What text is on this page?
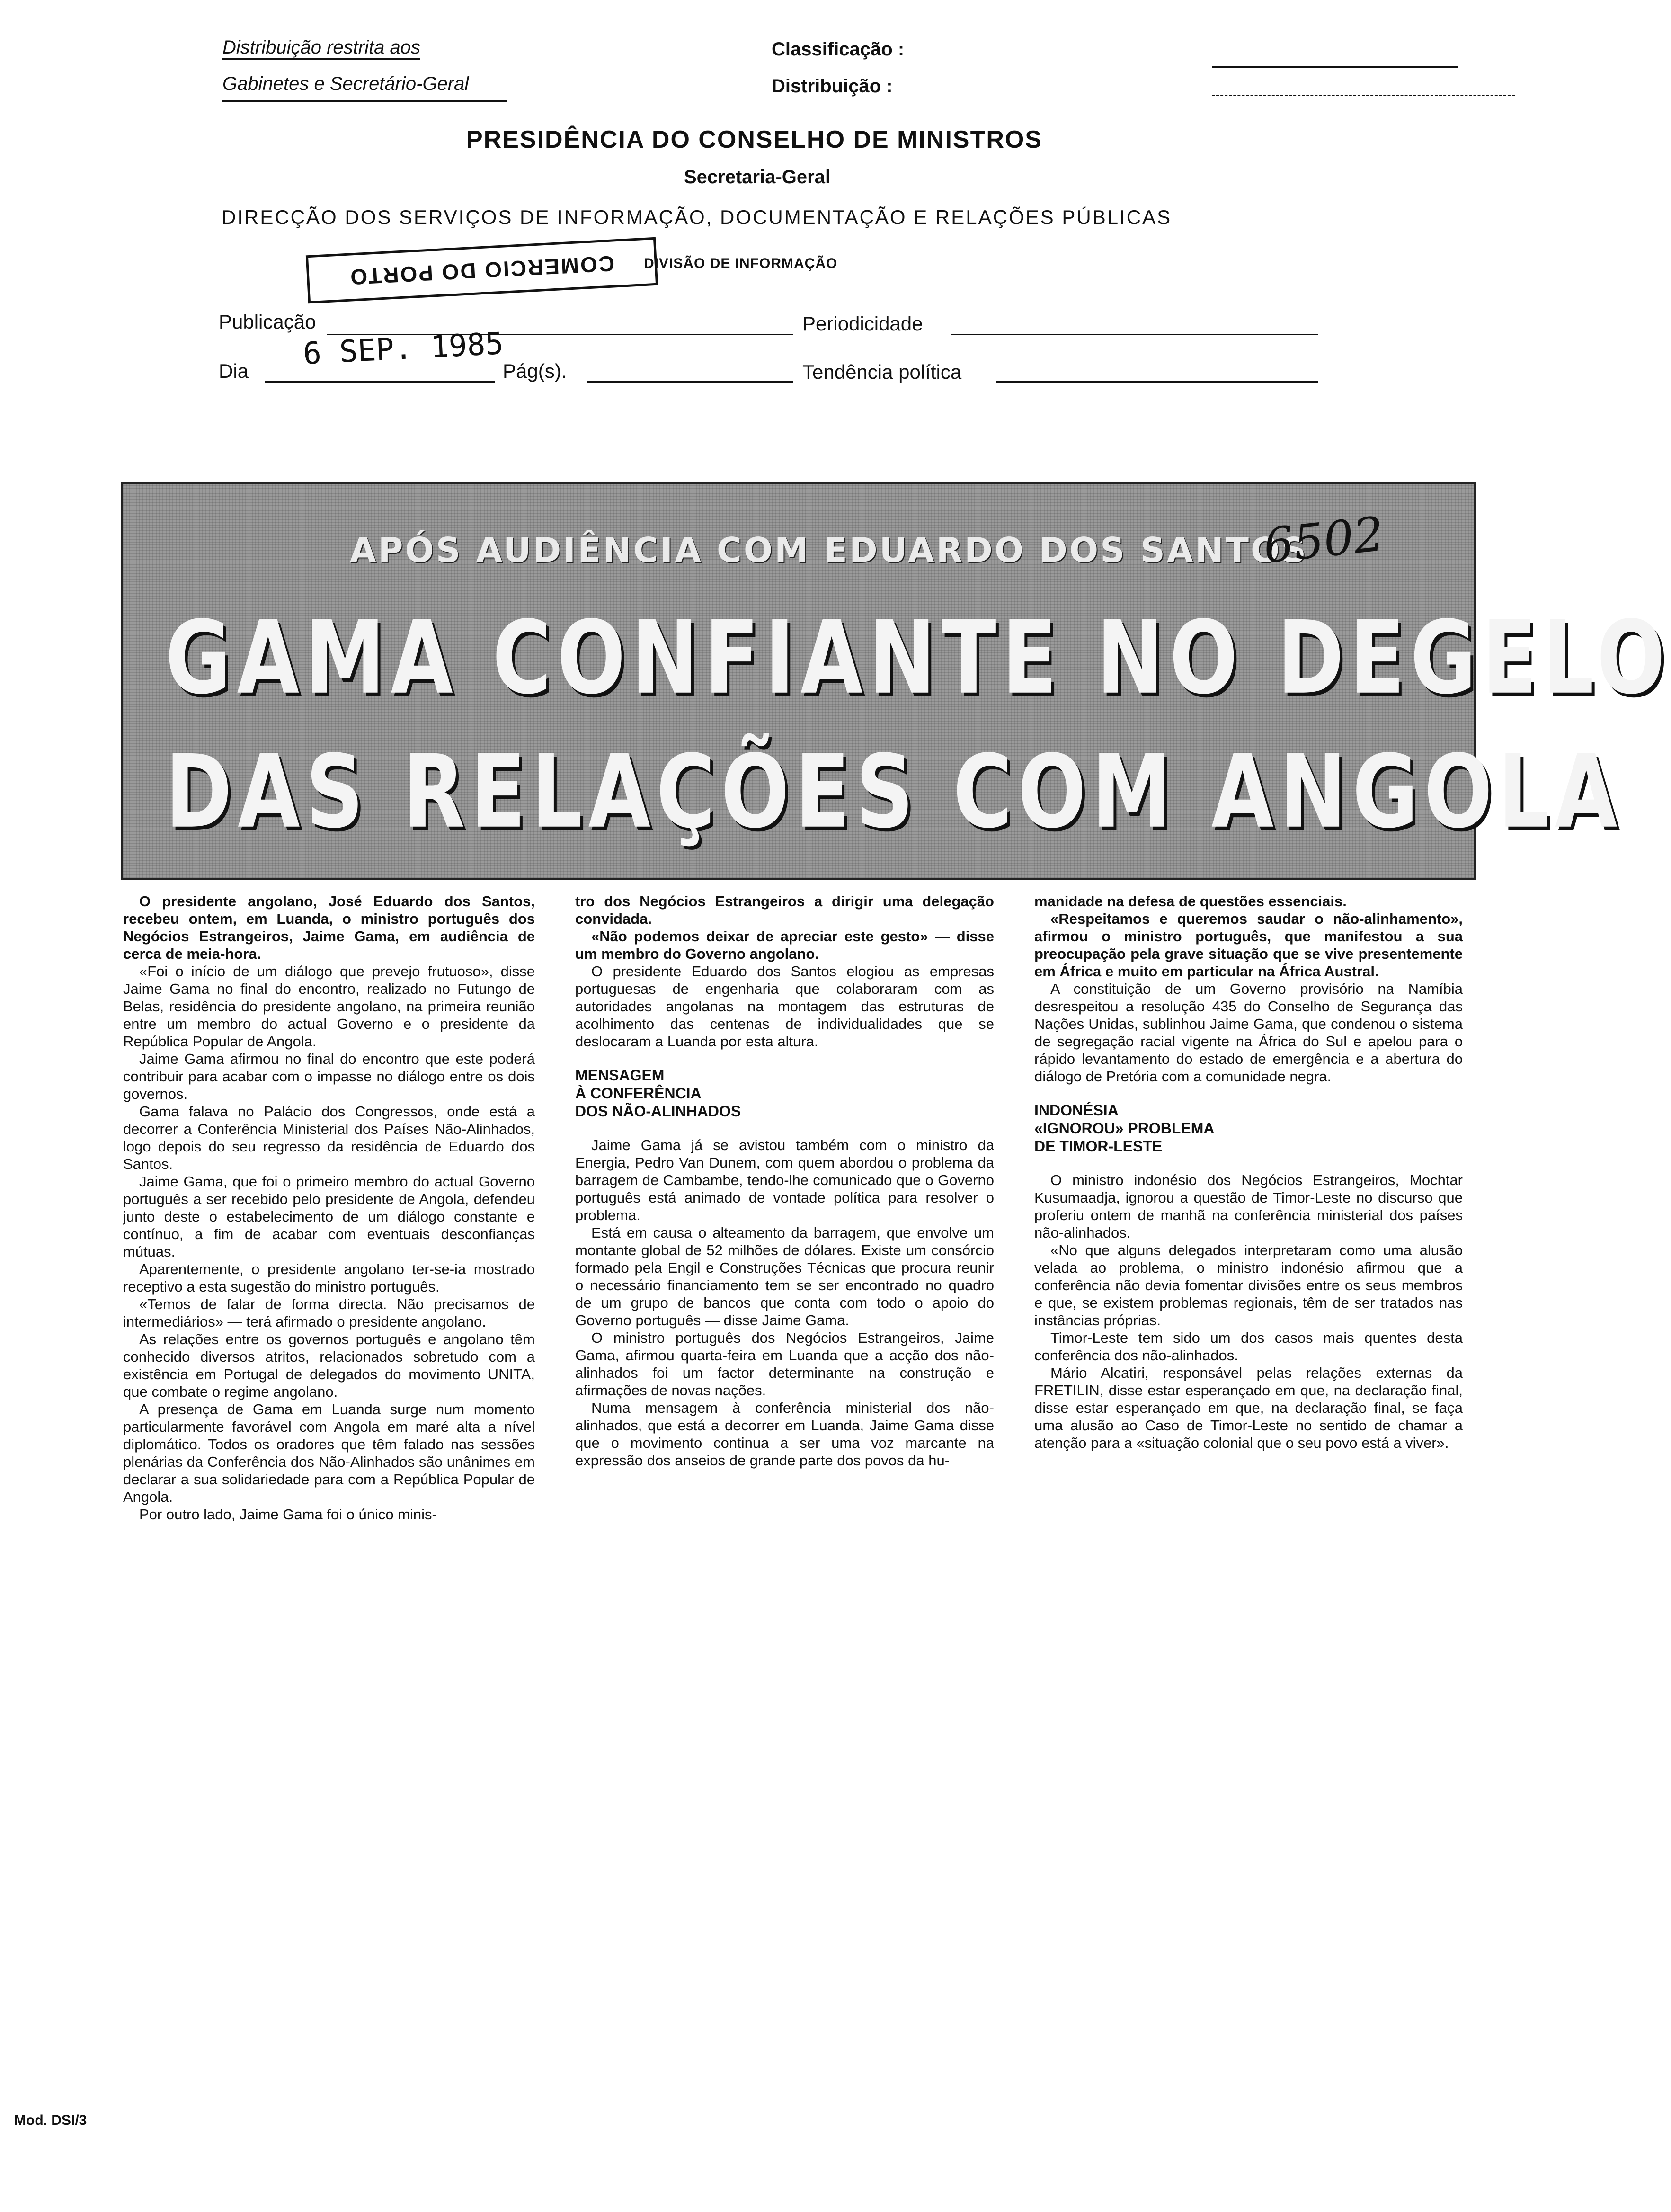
Distribuição restrita aos
Gabinetes e Secretário-Geral
Classificação :
Distribuição :
PRESIDÊNCIA DO CONSELHO DE MINISTROS
Secretaria-Geral
DIRECÇÃO DOS SERVIÇOS DE INFORMAÇÃO, DOCUMENTAÇÃO E RELAÇÕES PÚBLICAS
COMERCIO DO PORTO DIVISÃO DE INFORMAÇÃO
Publicação	Periodicidade
Dia 6 SEP. 1985
Pág(s).	Tendência política
APÓS AUDIÊNCIA COM EDUARDO DOS SANTOS
6502
GAMA CONFIANTE NO DEGELO
DAS RELAÇÕES COM ANGOLA

O presidente angolano, José Eduardo dos Santos, recebeu ontem, em Luanda, o ministro português dos Negócios Estrangeiros, Jaime Gama, em audiência de cerca de meia-hora.

«Foi o início de um diálogo que prevejo frutuoso», disse Jaime Gama no final do encontro, realizado no Futungo de Belas, residência do presidente angolano, na primeira reunião entre um membro do actual Governo e o presidente da República Popular de Angola.

Jaime Gama afirmou no final do encontro que este poderá contribuir para acabar com o impasse no diálogo entre os dois governos.

Gama falava no Palácio dos Congressos, onde está a decorrer a Conferência Ministerial dos Países Não-Alinhados, logo depois do seu regresso da residência de Eduardo dos Santos.

Jaime Gama, que foi o primeiro membro do actual Governo português a ser recebido pelo presidente de Angola, defendeu junto deste o estabelecimento de um diálogo constante e contínuo, a fim de acabar com eventuais desconfianças mútuas.

Aparentemente, o presidente angolano ter-se-ia mostrado receptivo a esta sugestão do ministro português.

«Temos de falar de forma directa. Não precisamos de intermediários» — terá afirmado o presidente angolano.

As relações entre os governos português e angolano têm conhecido diversos atritos, relacionados sobretudo com a existência em Portugal de delegados do movimento UNITA, que combate o regime angolano.

A presença de Gama em Luanda surge num momento particularmente favorável com Angola em maré alta a nível diplomático. Todos os oradores que têm falado nas sessões plenárias da Conferência dos Não-Alinhados são unânimes em declarar a sua solidariedade para com a República Popular de Angola.

Por outro lado, Jaime Gama foi o único minis-

tro dos Negócios Estrangeiros a dirigir uma delegação convidada.

«Não podemos deixar de apreciar este gesto» — disse um membro do Governo angolano.

O presidente Eduardo dos Santos elogiou as empresas portuguesas de engenharia que colaboraram com as autoridades angolanas na montagem das estruturas de acolhimento das centenas de individualidades que se deslocaram a Luanda por esta altura.

MENSAGEM
À CONFERÊNCIA
DOS NÃO-ALINHADOS

Jaime Gama já se avistou também com o ministro da Energia, Pedro Van Dunem, com quem abordou o problema da barragem de Cambambe, tendo-lhe comunicado que o Governo português está animado de vontade política para resolver o problema.

Está em causa o alteamento da barragem, que envolve um montante global de 52 milhões de dólares. Existe um consórcio formado pela Engil e Construções Técnicas que procura reunir o necessário financiamento tem se ser encontrado no quadro de um grupo de bancos que conta com todo o apoio do Governo português — disse Jaime Gama.

O ministro português dos Negócios Estrangeiros, Jaime Gama, afirmou quarta-feira em Luanda que a acção dos não-alinhados foi um factor determinante na construção e afirmações de novas nações.

Numa mensagem à conferência ministerial dos não-alinhados, que está a decorrer em Luanda, Jaime Gama disse que o movimento continua a ser uma voz marcante na expressão dos anseios de grande parte dos povos da hu-

manidade na defesa de questões essenciais.

«Respeitamos e queremos saudar o não-alinhamento», afirmou o ministro português, que manifestou a sua preocupação pela grave situação que se vive presentemente em África e muito em particular na África Austral.

A constituição de um Governo provisório na Namíbia desrespeitou a resolução 435 do Conselho de Segurança das Nações Unidas, sublinhou Jaime Gama, que condenou o sistema de segregação racial vigente na África do Sul e apelou para o rápido levantamento do estado de emergência e a abertura do diálogo de Pretória com a comunidade negra.

INDONÉSIA
«IGNOROU» PROBLEMA
DE TIMOR-LESTE

O ministro indonésio dos Negócios Estrangeiros, Mochtar Kusumaadja, ignorou a questão de Timor-Leste no discurso que proferiu ontem de manhã na conferência ministerial dos países não-alinhados.

«No que alguns delegados interpretaram como uma alusão velada ao problema, o ministro indonésio afirmou que a conferência não devia fomentar divisões entre os seus membros e que, se existem problemas regionais, têm de ser tratados nas instâncias próprias.

Timor-Leste tem sido um dos casos mais quentes desta conferência dos não-alinhados.

Mário Alcatiri, responsável pelas relações externas da FRETILIN, disse estar esperançado em que, na declaração final, disse estar esperançado em que, na declaração final, se faça uma alusão ao Caso de Timor-Leste no sentido de chamar a atenção para a «situação colonial que o seu povo está a viver».

Mod. DSI/3
